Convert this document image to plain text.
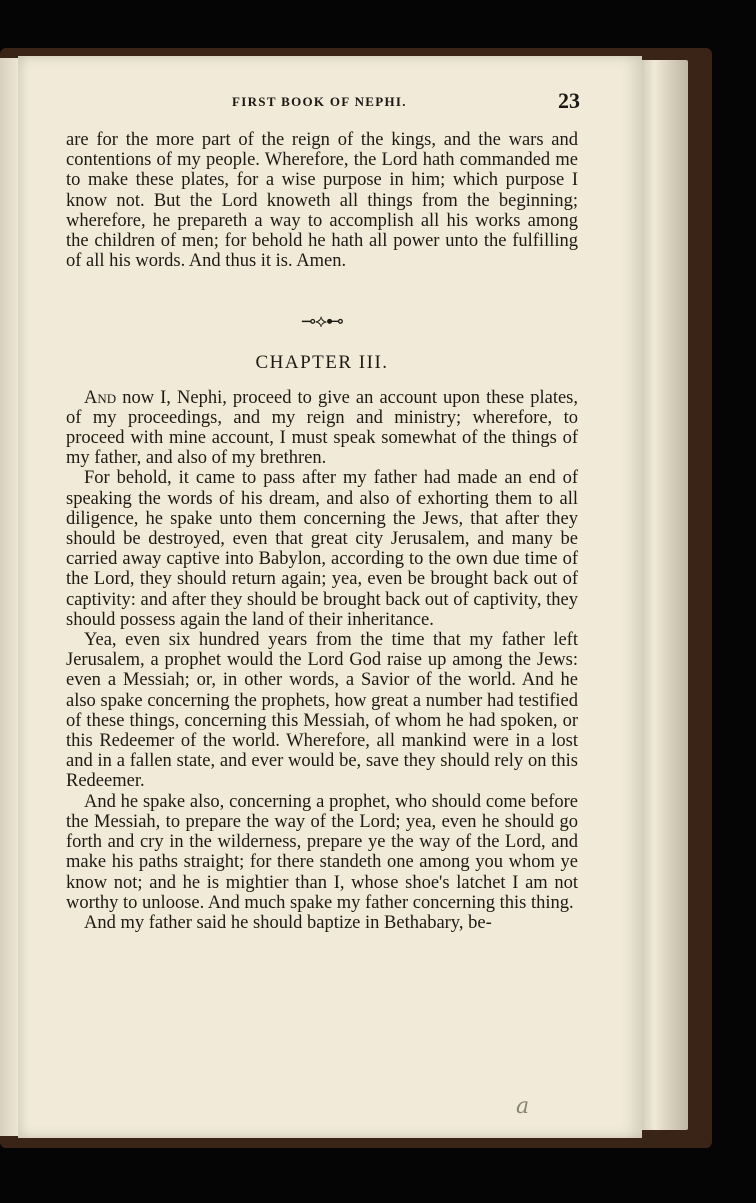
FIRST BOOK OF NEPHI.	23

are for the more part of the reign of the kings, and the wars and contentions of my people. Wherefore, the Lord hath commanded me to make these plates, for a wise purpose in him; which purpose I know not. But the Lord knoweth all things from the beginning; wherefore, he prepareth a way to accomplish all his works among the children of men; for behold he hath all power unto the fulfilling of all his words. And thus it is. Amen.

⊸⟡⊷
CHAPTER III.

And now I, Nephi, proceed to give an account upon these plates, of my proceedings, and my reign and ministry; wherefore, to proceed with mine account, I must speak somewhat of the things of my father, and also of my brethren.

For behold, it came to pass after my father had made an end of speaking the words of his dream, and also of exhorting them to all diligence, he spake unto them concerning the Jews, that after they should be destroyed, even that great city Jerusalem, and many be carried away captive into Babylon, according to the own due time of the Lord, they should return again; yea, even be brought back out of captivity: and after they should be brought back out of captivity, they should possess again the land of their inheritance.

Yea, even six hundred years from the time that my father left Jerusalem, a prophet would the Lord God raise up among the Jews: even a Messiah; or, in other words, a Savior of the world. And he also spake concerning the prophets, how great a number had testified of these things, concerning this Messiah, of whom he had spoken, or this Redeemer of the world. Wherefore, all mankind were in a lost and in a fallen state, and ever would be, save they should rely on this Redeemer.

And he spake also, concerning a prophet, who should come before the Messiah, to prepare the way of the Lord; yea, even he should go forth and cry in the wilderness, prepare ye the way of the Lord, and make his paths straight; for there standeth one among you whom ye know not; and he is mightier than I, whose shoe's latchet I am not worthy to unloose. And much spake my father concerning this thing.

And my father said he should baptize in Bethabary, be-

a
